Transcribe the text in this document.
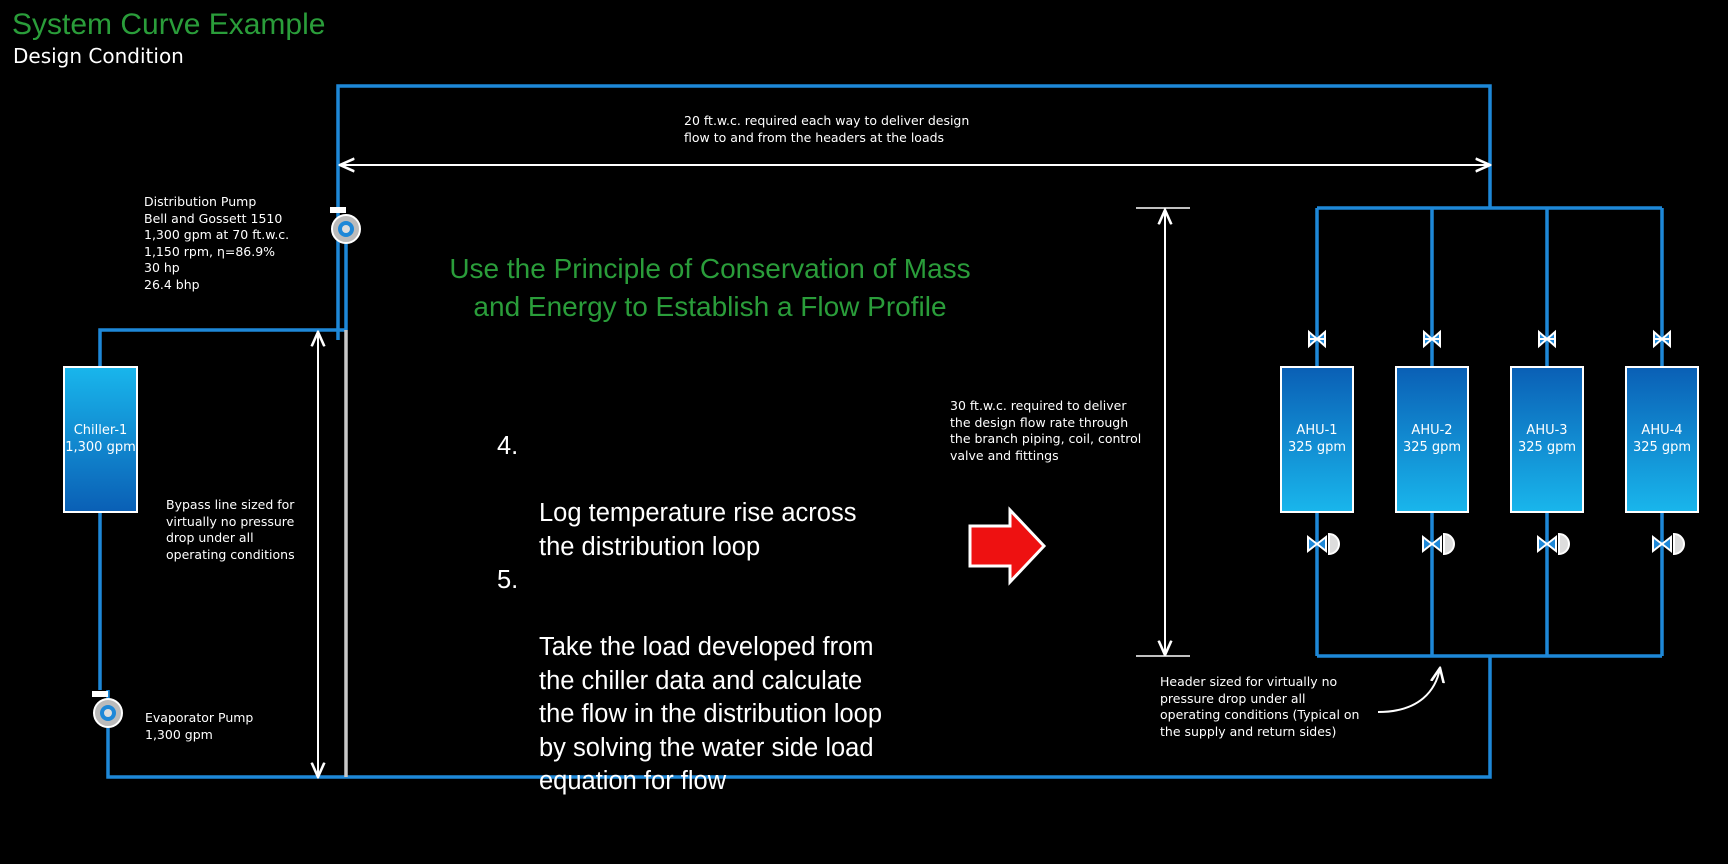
System Curve Example
Design Condition
20 ft.w.c. required each way to deliver design
flow to and from the headers at the loads
Distribution Pump
Bell and Gossett 1510
1,300 gpm at 70 ft.w.c.
1,150 rpm, η=86.9%
30 hp
26.4 bhp	Use the Principle of Conservation of Mass
and Energy to Establish a Flow Profile

4.

Log temperature rise across
the distribution loop

5.

Take the load developed from
the chiller data and calculate
the flow in the distribution loop
by solving the water side load
equation for flow

Chiller-1
1,300 gpm
Bypass line sized for
virtually no pressure
drop under all
operating conditions
Evaporator Pump
1,300 gpm
30 ft.w.c. required to deliver
the design flow rate through
the branch piping, coil, control
valve and fittings
Header sized for virtually no
pressure drop under all
operating conditions (Typical on
the supply and return sides)
AHU-1
325 gpm
AHU-2
325 gpm
AHU-3
325 gpm
AHU-4
325 gpm
